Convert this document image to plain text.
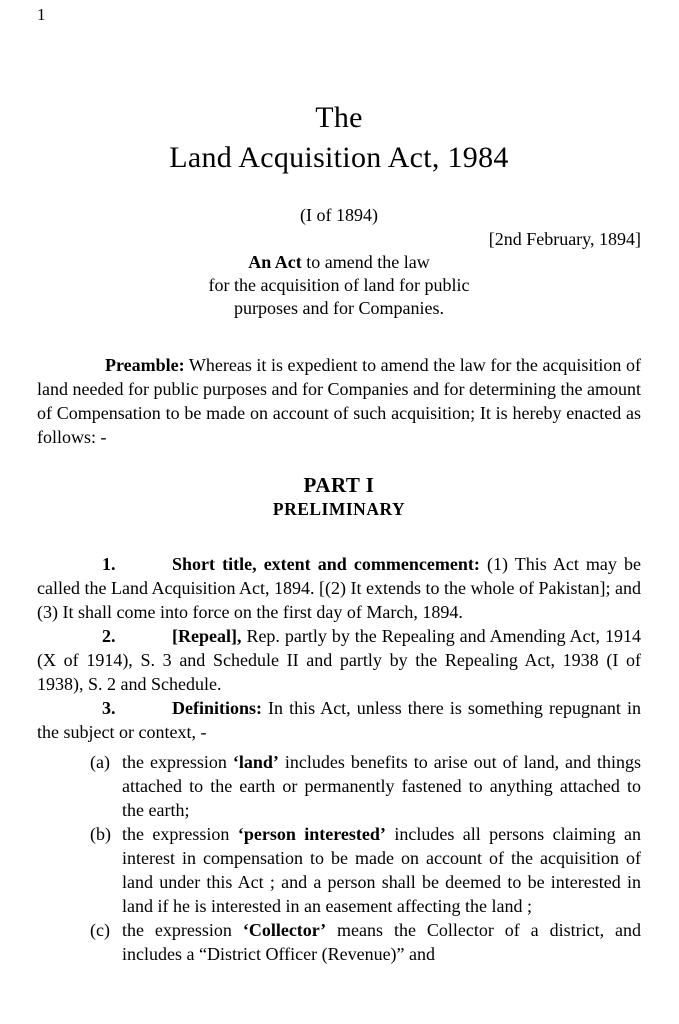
1
The
Land Acquisition Act, 1984
(I of 1894)
[2nd February, 1894]
An Act to amend the law
for the acquisition of land for public
purposes and for Companies.

Preamble: Whereas it is expedient to amend the law for the acquisition of land needed for public purposes and for Companies and for determining the amount of Compensation to be made on account of such acquisition; It is hereby enacted as follows: -

PART I
PRELIMINARY

1.	Short title, extent and commencement: (1) This Act may be called the Land Acquisition Act, 1894. [(2) It extends to the whole of Pakistan]; and (3) It shall come into force on the first day of March, 1894.

2.	[Repeal], Rep. partly by the Repealing and Amending Act, 1914 (X of 1914), S. 3 and Schedule II and partly by the Repealing Act, 1938 (I of 1938), S. 2 and Schedule.

3.	Definitions: In this Act, unless there is something repugnant in the subject or context, -

(a) the expression ‘land’ includes benefits to arise out of land, and things attached to the earth or permanently fastened to anything attached to the earth;

(b) the expression ‘person interested’ includes all persons claiming an interest in compensation to be made on account of the acquisition of land under this Act ; and a person shall be deemed to be interested in land if he is interested in an easement affecting the land ;

(c) the expression ‘Collector’ means the Collector of a district, and includes a “District Officer (Revenue)” and
